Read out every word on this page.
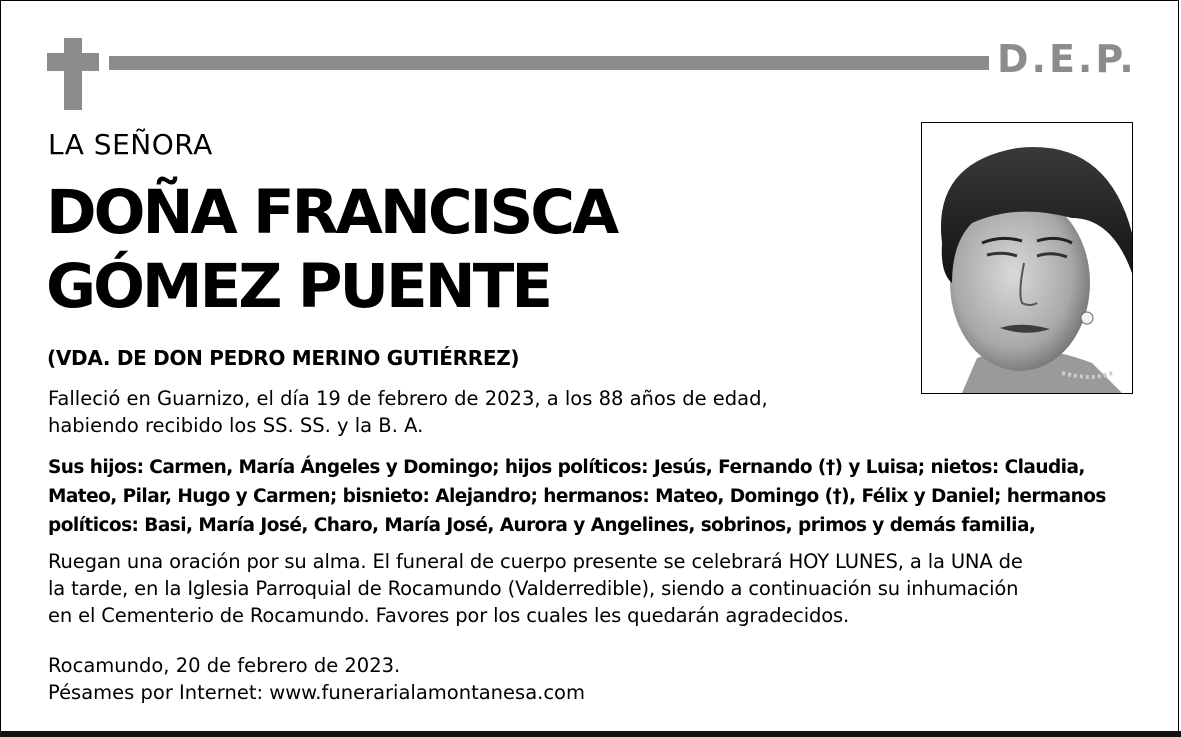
D.E.P.
LA SEÑORA
DOÑA FRANCISCA
GÓMEZ PUENTE
(VDA. DE DON PEDRO MERINO GUTIÉRREZ)
Falleció en Guarnizo, el día 19 de febrero de 2023, a los 88 años de edad,
habiendo recibido los SS. SS. y la B. A.
Sus hijos: Carmen, María Ángeles y Domingo; hijos políticos: Jesús, Fernando (†) y Luisa; nietos: Claudia,
Mateo, Pilar, Hugo y Carmen; bisnieto: Alejandro; hermanos: Mateo, Domingo (†), Félix y Daniel; hermanos
políticos: Basi, María José, Charo, María José, Aurora y Angelines, sobrinos, primos y demás familia,
Ruegan una oración por su alma. El funeral de cuerpo presente se celebrará HOY LUNES, a la UNA de
la tarde, en la Iglesia Parroquial de Rocamundo (Valderredible), siendo a continuación su inhumación
en el Cementerio de Rocamundo. Favores por los cuales les quedarán agradecidos.
Rocamundo, 20 de febrero de 2023.
Pésames por Internet: www.funerarialamontanesa.com
